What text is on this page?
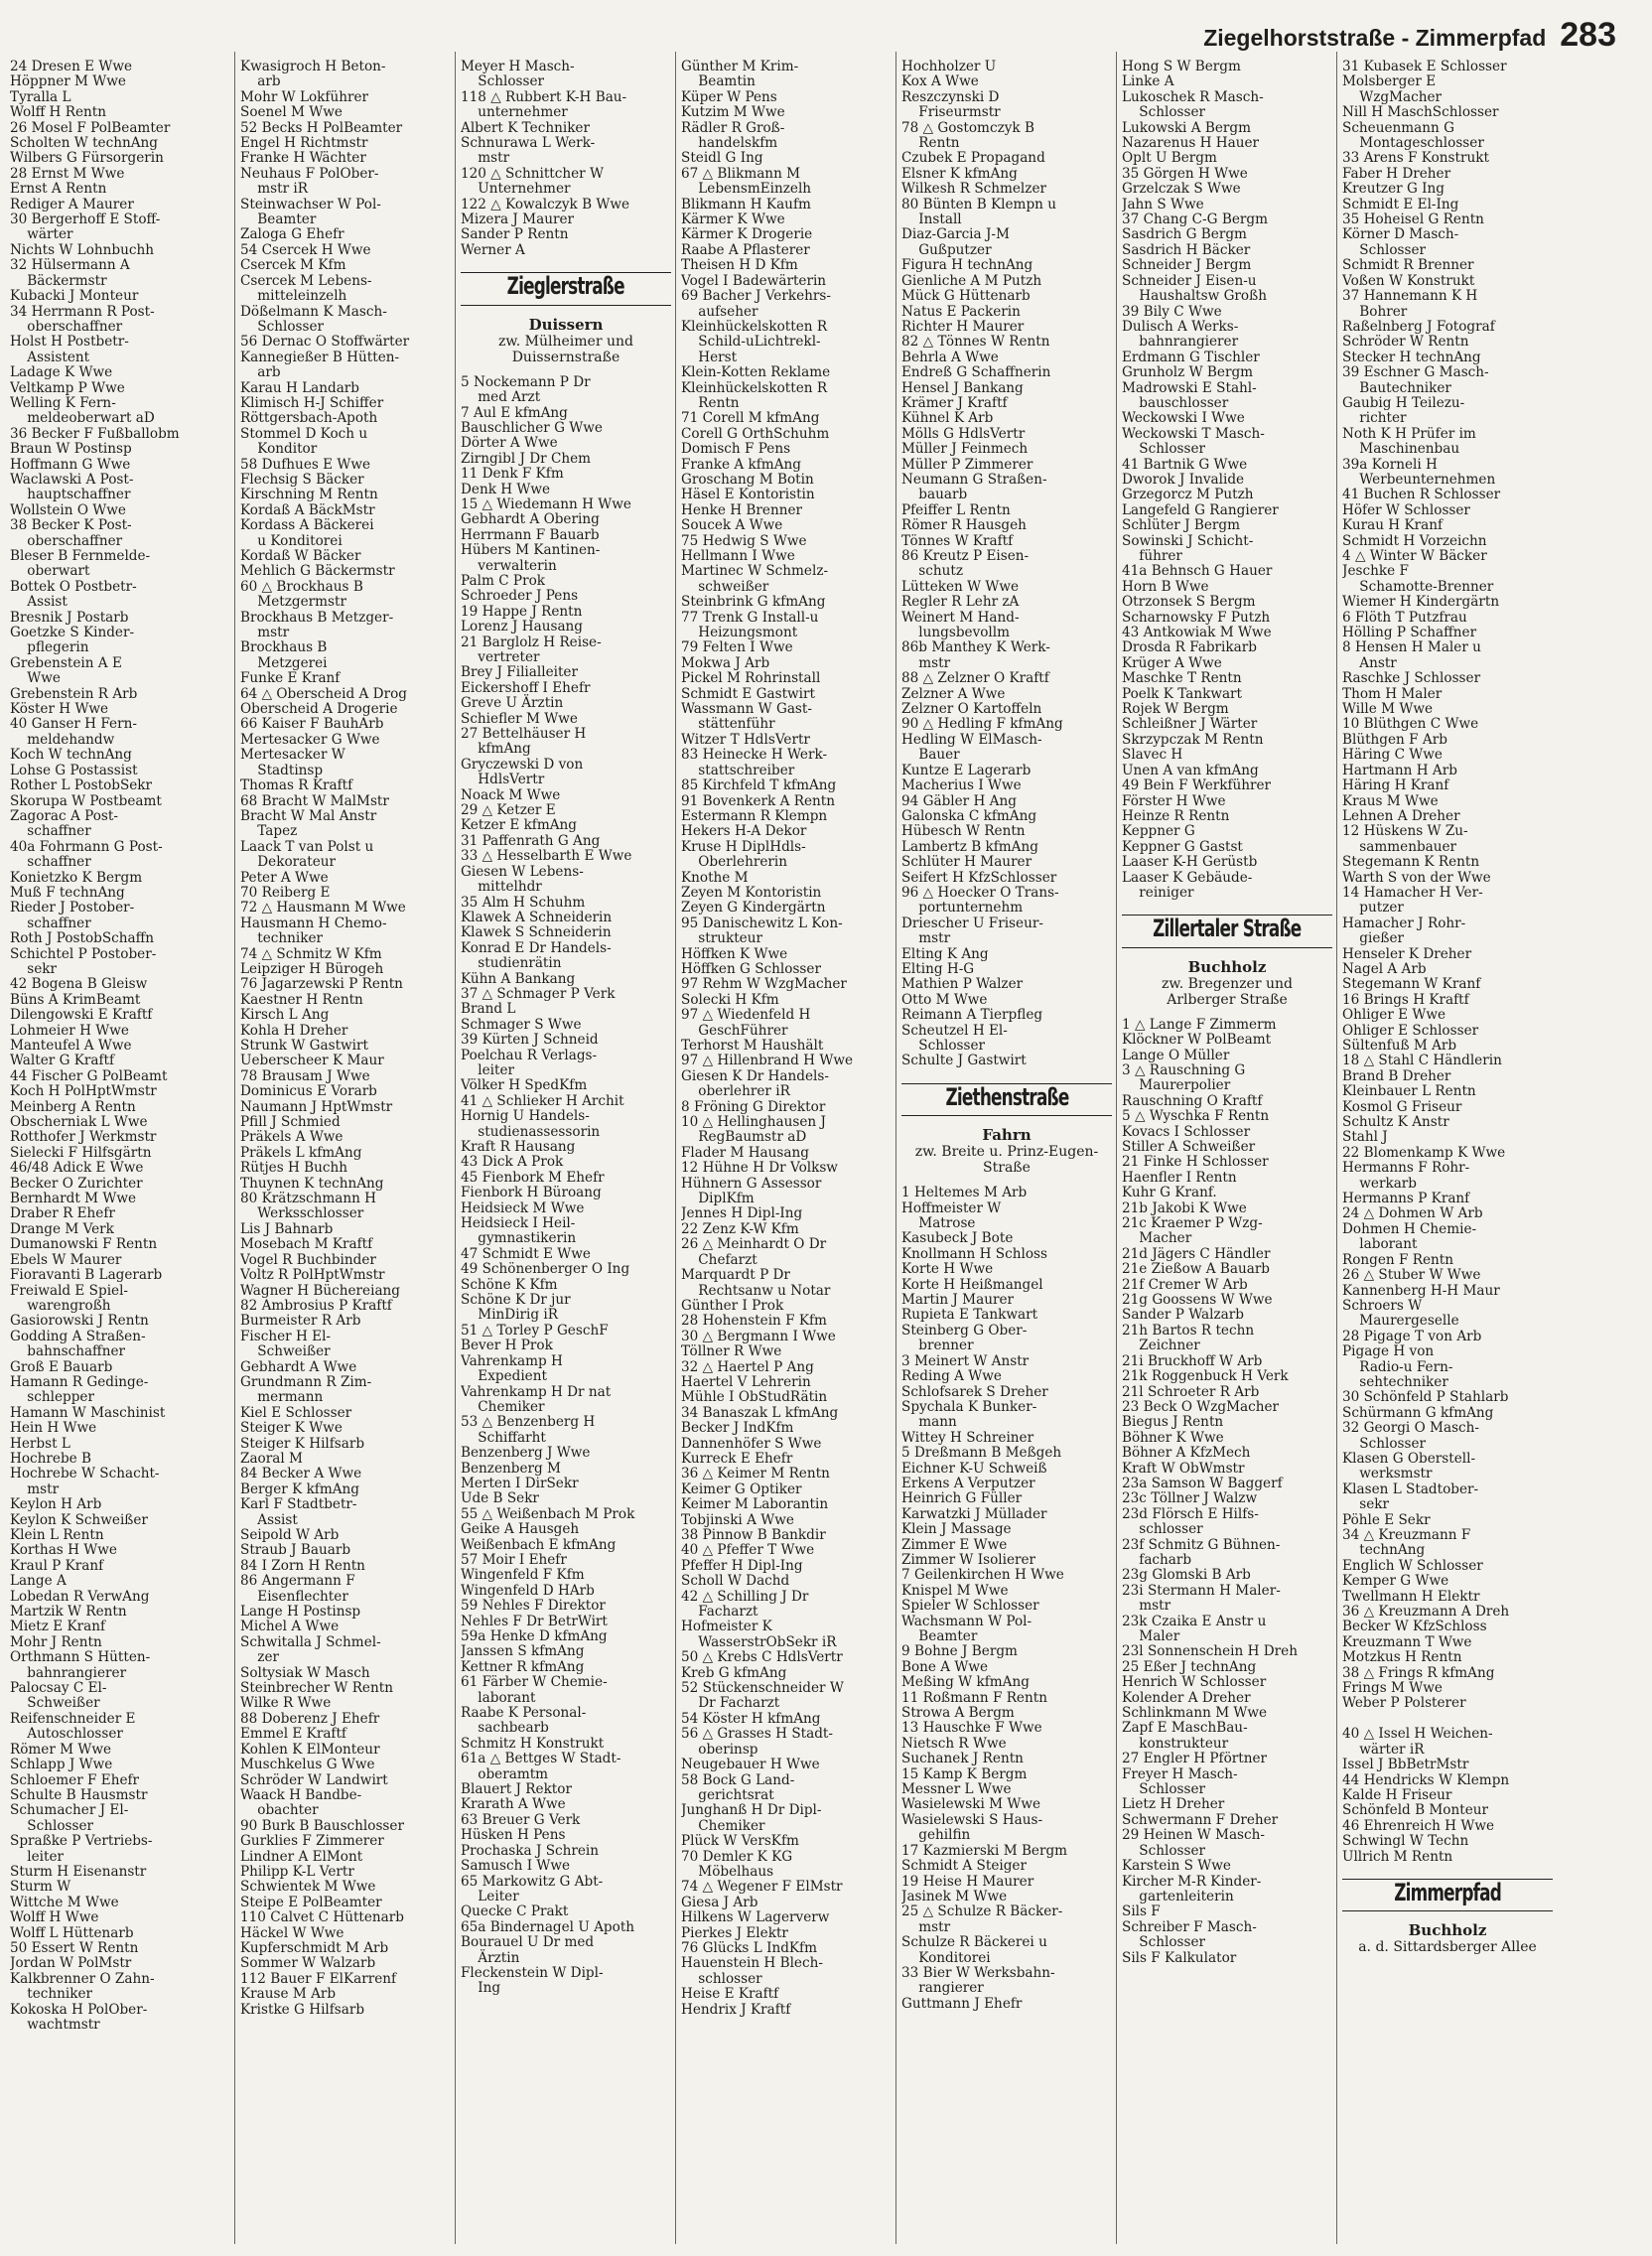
Ziegelhorststraße - Zimmerpfad 283
24 Dresen E Wwe
Höppner M Wwe
Tyralla L
Wolff H Rentn
26 Mosel F PolBeamter
Scholten W technAng
Wilbers G Fürsorgerin
28 Ernst M Wwe
Ernst A Rentn
Rediger A Maurer
30 Bergerhoff E Stoff-
wärter
Nichts W Lohnbuchh
32 Hülsermann A
Bäckermstr
Kubacki J Monteur
34 Herrmann R Post-
oberschaffner
Holst H Postbetr-
Assistent
Ladage K Wwe
Veltkamp P Wwe
Welling K Fern-
meldeoberwart aD
36 Becker F Fußballobm
Braun W Postinsp
Hoffmann G Wwe
Waclawski A Post-
hauptschaffner
Wollstein O Wwe
38 Becker K Post-
oberschaffner
Bleser B Fernmelde-
oberwart
Bottek O Postbetr-
Assist
Bresnik J Postarb
Goetzke S Kinder-
pflegerin
Grebenstein A E
Wwe
Grebenstein R Arb
Köster H Wwe
40 Ganser H Fern-
meldehandw
Koch W technAng
Lohse G Postassist
Rother L PostobSekr
Skorupa W Postbeamt
Zagorac A Post-
schaffner
40a Fohrmann G Post-
schaffner
Konietzko K Bergm
Muß F technAng
Rieder J Postober-
schaffner
Roth J PostobSchaffn
Schichtel P Postober-
sekr
42 Bogena B Gleisw
Büns A KrimBeamt
Dilengowski E Kraftf
Lohmeier H Wwe
Manteufel A Wwe
Walter G Kraftf
44 Fischer G PolBeamt
Koch H PolHptWmstr
Meinberg A Rentn
Obscherniak L Wwe
Rotthofer J Werkmstr
Sielecki F Hilfsgärtn
46/48 Adick E Wwe
Becker O Zurichter
Bernhardt M Wwe
Draber R Ehefr
Drange M Verk
Dumanowski F Rentn
Ebels W Maurer
Fioravanti B Lagerarb
Freiwald E Spiel-
warengroßh
Gasiorowski J Rentn
Godding A Straßen-
bahnschaffner
Groß E Bauarb
Hamann R Gedinge-
schlepper
Hamann W Maschinist
Hein H Wwe
Herbst L
Hochrebe B
Hochrebe W Schacht-
mstr
Keylon H Arb
Keylon K Schweißer
Klein L Rentn
Korthas H Wwe
Kraul P Kranf
Lange A
Lobedan R VerwAng
Martzik W Rentn
Mietz E Kranf
Mohr J Rentn
Orthmann S Hütten-
bahnrangierer
Palocsay C El-
Schweißer
Reifenschneider E
Autoschlosser
Römer M Wwe
Schlapp J Wwe
Schloemer F Ehefr
Schulte B Hausmstr
Schumacher J El-
Schlosser
Spraßke P Vertriebs-
leiter
Sturm H Eisenanstr
Sturm W
Wittche M Wwe
Wolff H Wwe
Wolff L Hüttenarb
50 Essert W Rentn
Jordan W PolMstr
Kalkbrenner O Zahn-
techniker
Kokoska H PolOber-
wachtmstr
Kwasigroch H Beton-
arb
Mohr W Lokführer
Soenel M Wwe
52 Becks H PolBeamter
Engel H Richtmstr
Franke H Wächter
Neuhaus F PolOber-
mstr iR
Steinwachser W Pol-
Beamter
Zaloga G Ehefr
54 Csercek H Wwe
Csercek M Kfm
Csercek M Lebens-
mitteleinzelh
Dößelmann K Masch-
Schlosser
56 Dernac O Stoffwärter
Kannegießer B Hütten-
arb
Karau H Landarb
Klimisch H-J Schiffer
Röttgersbach-Apoth
Stommel D Koch u
Konditor
58 Dufhues E Wwe
Flechsig S Bäcker
Kirschning M Rentn
Kordaß A BäckMstr
Kordass A Bäckerei
u Konditorei
Kordaß W Bäcker
Mehlich G Bäckermstr
60 △ Brockhaus B
Metzgermstr
Brockhaus B Metzger-
mstr
Brockhaus B
Metzgerei
Funke E Kranf
64 △ Oberscheid A Drog
Oberscheid A Drogerie
66 Kaiser F BauhArb
Mertesacker G Wwe
Mertesacker W
Stadtinsp
Thomas R Kraftf
68 Bracht W MalMstr
Bracht W Mal Anstr
Tapez
Laack T van Polst u
Dekorateur
Peter A Wwe
70 Reiberg E
72 △ Hausmann M Wwe
Hausmann H Chemo-
techniker
74 △ Schmitz W Kfm
Leipziger H Bürogeh
76 Jagarzewski P Rentn
Kaestner H Rentn
Kirsch L Ang
Kohla H Dreher
Strunk W Gastwirt
Ueberscheer K Maur
78 Brausam J Wwe
Dominicus E Vorarb
Naumann J HptWmstr
Pfill J Schmied
Präkels A Wwe
Präkels L kfmAng
Rütjes H Buchh
Thuynen K technAng
80 Krätzschmann H
Werksschlosser
Lis J Bahnarb
Mosebach M Kraftf
Vogel R Buchbinder
Voltz R PolHptWmstr
Wagner H Büchereiang
82 Ambrosius P Kraftf
Burmeister R Arb
Fischer H El-
Schweißer
Gebhardt A Wwe
Grundmann R Zim-
mermann
Kiel E Schlosser
Steiger K Wwe
Steiger K Hilfsarb
Zaoral M
84 Becker A Wwe
Berger K kfmAng
Karl F Stadtbetr-
Assist
Seipold W Arb
Straub J Bauarb
84 I Zorn H Rentn
86 Angermann F
Eisenflechter
Lange H Postinsp
Michel A Wwe
Schwitalla J Schmel-
zer
Soltysiak W Masch
Steinbrecher W Rentn
Wilke R Wwe
88 Doberenz J Ehefr
Emmel E Kraftf
Kohlen K ElMonteur
Muschkelus G Wwe
Schröder W Landwirt
Waack H Bandbe-
obachter
90 Burk B Bauschlosser
Gurklies F Zimmerer
Lindner A ElMont
Philipp K-L Vertr
Schwientek M Wwe
Steipe E PolBeamter
110 Calvet C Hüttenarb
Häckel W Wwe
Kupferschmidt M Arb
Sommer W Walzarb
112 Bauer F ElKarrenf
Krause M Arb
Kristke G Hilfsarb
Meyer H Masch-
Schlosser
118 △ Rubbert K-H Bau-
unternehmer
Albert K Techniker
Schnurawa L Werk-
mstr
120 △ Schnittcher W
Unternehmer
122 △ Kowalczyk B Wwe
Mizera J Maurer
Sander P Rentn
Werner A
Zieglerstraße
Duissern
zw. Mülheimer und
Duissernstraße
5 Nockemann P Dr
med Arzt
7 Aul E kfmAng
Bauschlicher G Wwe
Dörter A Wwe
Zirngibl J Dr Chem
11 Denk F Kfm
Denk H Wwe
15 △ Wiedemann H Wwe
Gebhardt A Obering
Herrmann F Bauarb
Hübers M Kantinen-
verwalterin
Palm C Prok
Schroeder J Pens
19 Happe J Rentn
Lorenz J Hausang
21 Barglolz H Reise-
vertreter
Brey J Filialleiter
Eickershoff I Ehefr
Greve U Ärztin
Schiefler M Wwe
27 Bettelhäuser H
kfmAng
Gryczewski D von
HdlsVertr
Noack M Wwe
29 △ Ketzer E
Ketzer E kfmAng
31 Paffenrath G Ang
33 △ Hesselbarth E Wwe
Giesen W Lebens-
mittelhdr
35 Alm H Schuhm
Klawek A Schneiderin
Klawek S Schneiderin
Konrad E Dr Handels-
studienrätin
Kühn A Bankang
37 △ Schmager P Verk
Brand L
Schmager S Wwe
39 Kürten J Schneid
Poelchau R Verlags-
leiter
Völker H SpedKfm
41 △ Schlieker H Archit
Hornig U Handels-
studienassessorin
Kraft R Hausang
43 Dick A Prok
45 Fienbork M Ehefr
Fienbork H Büroang
Heidsieck M Wwe
Heidsieck I Heil-
gymnastikerin
47 Schmidt E Wwe
49 Schönenberger O Ing
Schöne K Kfm
Schöne K Dr jur
MinDirig iR
51 △ Torley P GeschF
Bever H Prok
Vahrenkamp H
Expedient
Vahrenkamp H Dr nat
Chemiker
53 △ Benzenberg H
Schiffarht
Benzenberg J Wwe
Benzenberg M
Merten I DirSekr
Ude B Sekr
55 △ Weißenbach M Prok
Geike A Hausgeh
Weißenbach E kfmAng
57 Moir I Ehefr
Wingenfeld F Kfm
Wingenfeld D HArb
59 Nehles F Direktor
Nehles F Dr BetrWirt
59a Henke D kfmAng
Janssen S kfmAng
Kettner R kfmAng
61 Färber W Chemie-
laborant
Raabe K Personal-
sachbearb
Schmitz H Konstrukt
61a △ Bettges W Stadt-
oberamtm
Blauert J Rektor
Krarath A Wwe
63 Breuer G Verk
Hüsken H Pens
Prochaska J Schrein
Samusch I Wwe
65 Markowitz G Abt-
Leiter
Quecke C Prakt
65a Bindernagel U Apoth
Bourauel U Dr med
Ärztin
Fleckenstein W Dipl-
Ing
Günther M Krim-
Beamtin
Küper W Pens
Kutzim M Wwe
Rädler R Groß-
handelskfm
Steidl G Ing
67 △ Blikmann M
LebensmEinzelh
Blikmann H Kaufm
Kärmer K Wwe
Kärmer K Drogerie
Raabe A Pflasterer
Theisen H D Kfm
Vogel I Badewärterin
69 Bacher J Verkehrs-
aufseher
Kleinhückelskotten R
Schild-uLichtrekl-
Herst
Klein-Kotten Reklame
Kleinhückelskotten R
Rentn
71 Corell M kfmAng
Corell G OrthSchuhm
Domisch F Pens
Franke A kfmAng
Groschang M Botin
Häsel E Kontoristin
Henke H Brenner
Soucek A Wwe
75 Hedwig S Wwe
Hellmann I Wwe
Martinec W Schmelz-
schweißer
Steinbrink G kfmAng
77 Trenk G Install-u
Heizungsmont
79 Felten I Wwe
Mokwa J Arb
Pickel M Rohrinstall
Schmidt E Gastwirt
Wassmann W Gast-
stättenführ
Witzer T HdlsVertr
83 Heinecke H Werk-
stattschreiber
85 Kirchfeld T kfmAng
91 Bovenkerk A Rentn
Estermann R Klempn
Hekers H-A Dekor
Kruse H DiplHdls-
Oberlehrerin
Knothe M
Zeyen M Kontoristin
Zeyen G Kindergärtn
95 Danischewitz L Kon-
strukteur
Höffken K Wwe
Höffken G Schlosser
97 Rehm W WzgMacher
Solecki H Kfm
97 △ Wiedenfeld H
GeschFührer
Terhorst M Haushält
97 △ Hillenbrand H Wwe
Giesen K Dr Handels-
oberlehrer iR
8 Fröning G Direktor
10 △ Hellinghausen J
RegBaumstr aD
Flader M Hausang
12 Hühne H Dr Volksw
Hühnern G Assessor
DiplKfm
Jennes H Dipl-Ing
22 Zenz K-W Kfm
26 △ Meinhardt O Dr
Chefarzt
Marquardt P Dr
Rechtsanw u Notar
Günther I Prok
28 Hohenstein F Kfm
30 △ Bergmann I Wwe
Töllner R Wwe
32 △ Haertel P Ang
Haertel V Lehrerin
Mühle I ObStudRätin
34 Banaszak L kfmAng
Becker J IndKfm
Dannenhöfer S Wwe
Kurreck E Ehefr
36 △ Keimer M Rentn
Keimer G Optiker
Keimer M Laborantin
Tobjinski A Wwe
38 Pinnow B Bankdir
40 △ Pfeffer T Wwe
Pfeffer H Dipl-Ing
Scholl W Dachd
42 △ Schilling J Dr
Facharzt
Hofmeister K
WasserstrObSekr iR
50 △ Krebs C HdlsVertr
Kreb G kfmAng
52 Stückenschneider W
Dr Facharzt
54 Köster H kfmAng
56 △ Grasses H Stadt-
oberinsp
Neugebauer H Wwe
58 Bock G Land-
gerichtsrat
Junghanß H Dr Dipl-
Chemiker
Plück W VersKfm
70 Demler K KG
Möbelhaus
74 △ Wegener F ElMstr
Giesa J Arb
Hilkens W Lagerverw
Pierkes J Elektr
76 Glücks L IndKfm
Hauenstein H Blech-
schlosser
Heise E Kraftf
Hendrix J Kraftf
Hochholzer U
Kox A Wwe
Reszczynski D
Friseurmstr
78 △ Gostomczyk B
Rentn
Czubek E Propagand
Elsner K kfmAng
Wilkesh R Schmelzer
80 Bünten B Klempn u
Install
Diaz-Garcia J-M
Gußputzer
Figura H technAng
Gienliche A M Putzh
Mück G Hüttenarb
Natus E Packerin
Richter H Maurer
82 △ Tönnes W Rentn
Behrla A Wwe
Endreß G Schaffnerin
Hensel J Bankang
Krämer J Kraftf
Kühnel K Arb
Mölls G HdlsVertr
Müller J Feinmech
Müller P Zimmerer
Neumann G Straßen-
bauarb
Pfeiffer L Rentn
Römer R Hausgeh
Tönnes W Kraftf
86 Kreutz P Eisen-
schutz
Lütteken W Wwe
Regler R Lehr zA
Weinert M Hand-
lungsbevollm
86b Manthey K Werk-
mstr
88 △ Zelzner O Kraftf
Zelzner A Wwe
Zelzner O Kartoffeln
90 △ Hedling F kfmAng
Hedling W ElMasch-
Bauer
Kuntze E Lagerarb
Macherius I Wwe
94 Gäbler H Ang
Galonska C kfmAng
Hübesch W Rentn
Lambertz B kfmAng
Schlüter H Maurer
Seifert H KfzSchlosser
96 △ Hoecker O Trans-
portunternehm
Driescher U Friseur-
mstr
Elting K Ang
Elting H-G
Mathien P Walzer
Otto M Wwe
Reimann A Tierpfleg
Scheutzel H El-
Schlosser
Schulte J Gastwirt
Ziethenstraße
Fahrn
zw. Breite u. Prinz-Eugen-
Straße
1 Heltemes M Arb
Hoffmeister W
Matrose
Kasubeck J Bote
Knollmann H Schloss
Korte H Wwe
Korte H Heißmangel
Martin J Maurer
Rupieta E Tankwart
Steinberg G Ober-
brenner
3 Meinert W Anstr
Reding A Wwe
Schlofsarek S Dreher
Spychala K Bunker-
mann
Wittey H Schreiner
5 Dreßmann B Meßgeh
Eichner K-U Schweiß
Erkens A Verputzer
Heinrich G Füller
Karwatzki J Müllader
Klein J Massage
Zimmer E Wwe
Zimmer W Isolierer
7 Geilenkirchen H Wwe
Knispel M Wwe
Spieler W Schlosser
Wachsmann W Pol-
Beamter
9 Bohne J Bergm
Bone A Wwe
Meßing W kfmAng
11 Roßmann F Rentn
Strowa A Bergm
13 Hauschke F Wwe
Nietsch R Wwe
Suchanek J Rentn
15 Kamp K Bergm
Messner L Wwe
Wasielewski M Wwe
Wasielewski S Haus-
gehilfin
17 Kazmierski M Bergm
Schmidt A Steiger
19 Heise H Maurer
Jasinek M Wwe
25 △ Schulze R Bäcker-
mstr
Schulze R Bäckerei u
Konditorei
33 Bier W Werksbahn-
rangierer
Guttmann J Ehefr
Hong S W Bergm
Linke A
Lukoschek R Masch-
Schlosser
Lukowski A Bergm
Nazarenus H Hauer
Oplt U Bergm
35 Görgen H Wwe
Grzelczak S Wwe
Jahn S Wwe
37 Chang C-G Bergm
Sasdrich G Bergm
Sasdrich H Bäcker
Schneider J Bergm
Schneider J Eisen-u
Haushaltsw Großh
39 Bily C Wwe
Dulisch A Werks-
bahnrangierer
Erdmann G Tischler
Grunholz W Bergm
Madrowski E Stahl-
bauschlosser
Weckowski I Wwe
Weckowski T Masch-
Schlosser
41 Bartnik G Wwe
Dworok J Invalide
Grzegorcz M Putzh
Langefeld G Rangierer
Schlüter J Bergm
Sowinski J Schicht-
führer
41a Behnsch G Hauer
Horn B Wwe
Otrzonsek S Bergm
Scharnowsky F Putzh
43 Antkowiak M Wwe
Drosda R Fabrikarb
Krüger A Wwe
Maschke T Rentn
Poelk K Tankwart
Rojek W Bergm
Schleißner J Wärter
Skrzypczak M Rentn
Slavec H
Unen A van kfmAng
49 Bein F Werkführer
Förster H Wwe
Heinze R Rentn
Keppner G
Keppner G Gastst
Laaser K-H Gerüstb
Laaser K Gebäude-
reiniger
Zillertaler Straße
Buchholz
zw. Bregenzer und
Arlberger Straße
1 △ Lange F Zimmerm
Klöckner W PolBeamt
Lange O Müller
3 △ Rauschning G
Maurerpolier
Rauschning O Kraftf
5 △ Wyschka F Rentn
Kovacs I Schlosser
Stiller A Schweißer
21 Finke H Schlosser
Haenfler I Rentn
Kuhr G Kranf.
21b Jakobi K Wwe
21c Kraemer P Wzg-
Macher
21d Jägers C Händler
21e Zießow A Bauarb
21f Cremer W Arb
21g Goossens W Wwe
Sander P Walzarb
21h Bartos R techn
Zeichner
21i Bruckhoff W Arb
21k Roggenbuck H Verk
21l Schroeter R Arb
23 Beck O WzgMacher
Biegus J Rentn
Böhner K Wwe
Böhner A KfzMech
Kraft W ObWmstr
23a Samson W Baggerf
23c Töllner J Walzw
23d Flörsch E Hilfs-
schlosser
23f Schmitz G Bühnen-
facharb
23g Glomski B Arb
23i Stermann H Maler-
mstr
23k Czaika E Anstr u
Maler
23l Sonnenschein H Dreh
25 Eßer J technAng
Henrich W Schlosser
Kolender A Dreher
Schlinkmann M Wwe
Zapf E MaschBau-
konstrukteur
27 Engler H Pförtner
Freyer H Masch-
Schlosser
Lietz H Dreher
Schwermann F Dreher
29 Heinen W Masch-
Schlosser
Karstein S Wwe
Kircher M-R Kinder-
gartenleiterin
Sils F
Schreiber F Masch-
Schlosser
Sils F Kalkulator
31 Kubasek E Schlosser
Molsberger E
WzgMacher
Nill H MaschSchlosser
Scheuenmann G
Montageschlosser
33 Arens F Konstrukt
Faber H Dreher
Kreutzer G Ing
Schmidt E El-Ing
35 Hoheisel G Rentn
Körner D Masch-
Schlosser
Schmidt R Brenner
Voßen W Konstrukt
37 Hannemann K H
Bohrer
Raßelnberg J Fotograf
Schröder W Rentn
Stecker H technAng
39 Eschner G Masch-
Bautechniker
Gaubig H Teilezu-
richter
Noth K H Prüfer im
Maschinenbau
39a Korneli H
Werbeunternehmen
41 Buchen R Schlosser
Höfer W Schlosser
Kurau H Kranf
Schmidt H Vorzeichn
4 △ Winter W Bäcker
Jeschke F
Schamotte-Brenner
Wiemer H Kindergärtn
6 Flöth T Putzfrau
Hölling P Schaffner
8 Hensen H Maler u
Anstr
Raschke J Schlosser
Thom H Maler
Wille M Wwe
10 Blüthgen C Wwe
Blüthgen F Arb
Häring C Wwe
Hartmann H Arb
Häring H Kranf
Kraus M Wwe
Lehnen A Dreher
12 Hüskens W Zu-
sammenbauer
Stegemann K Rentn
Warth S von der Wwe
14 Hamacher H Ver-
putzer
Hamacher J Rohr-
gießer
Henseler K Dreher
Nagel A Arb
Stegemann W Kranf
16 Brings H Kraftf
Ohliger E Wwe
Ohliger E Schlosser
Sültenfuß M Arb
18 △ Stahl C Händlerin
Brand B Dreher
Kleinbauer L Rentn
Kosmol G Friseur
Schultz K Anstr
Stahl J
22 Blomenkamp K Wwe
Hermanns F Rohr-
werkarb
Hermanns P Kranf
24 △ Dohmen W Arb
Dohmen H Chemie-
laborant
Rongen F Rentn
26 △ Stuber W Wwe
Kannenberg H-H Maur
Schroers W
Maurergeselle
28 Pigage T von Arb
Pigage H von
Radio-u Fern-
sehtechniker
30 Schönfeld P Stahlarb
Schürmann G kfmAng
32 Georgi O Masch-
Schlosser
Klasen G Oberstell-
werksmstr
Klasen L Stadtober-
sekr
Pöhle E Sekr
34 △ Kreuzmann F
technAng
Englich W Schlosser
Kemper G Wwe
Twellmann H Elektr
36 △ Kreuzmann A Dreh
Becker W KfzSchloss
Kreuzmann T Wwe
Motzkus H Rentn
38 △ Frings R kfmAng
Frings M Wwe
Weber P Polsterer

40 △ Issel H Weichen-
wärter iR
Issel J BbBetrMstr
44 Hendricks W Klempn
Kalde H Friseur
Schönfeld B Monteur
46 Ehrenreich H Wwe
Schwingl W Techn
Ullrich M Rentn
Zimmerpfad
Buchholz
a. d. Sittardsberger Allee
